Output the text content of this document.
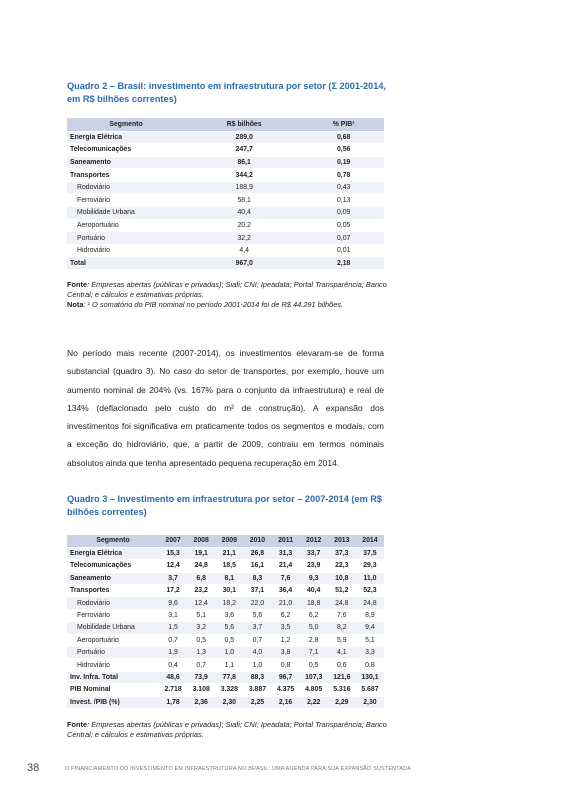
Quadro 2 – Brasil: investimento em infraestrutura por setor (Σ 2001-2014, em R$ bilhões correntes)
Segmento	R$ bilhões	% PIB¹
Energia Elétrica	289,0	0,68
Telecomunicações	247,7	0,56
Saneamento	86,1	0,19
Transportes	344,2	0,78
Rodoviário	188,9	0,43
Ferroviário	58,1	0,13
Mobilidade Urbana	40,4	0,09
Aeroportuário	20,2	0,05
Portuário	32,2	0,07
Hidroviário	4,4	0,01
Total	967,0	2,18
Fonte: Empresas abertas (públicas e privadas); Siafi; CNI; Ipeadata; Portal Transparência; Banco Central; e cálculos e estimativas próprias.
Nota: ¹ O somatório do PIB nominal no período 2001-2014 foi de R$ 44.291 bilhões.

No período mais recente (2007-2014), os investimentos elevaram-se de forma substancial (quadro 3). No caso do setor de transportes, por exemplo, houve um aumento nominal de 204% (vs. 167% para o conjunto da infraestrutura) e real de 134% (deflacionado pelo custo do m² de construção). A expansão dos investimentos foi significativa em praticamente todos os segmentos e modais, com a exceção do hidroviário, que, a partir de 2009, contraiu em termos nominais absolutos ainda que tenha apresentado pequena recuperação em 2014.

Quadro 3 – Investimento em infraestrutura por setor – 2007-2014 (em R$ bilhões correntes)
Segmento	2007	2008	2009	2010	2011	2012	2013	2014
Energia Elétrica	15,3	19,1	21,1	26,8	31,3	33,7	37,3	37,5
Telecomunicações	12,4	24,8	18,5	16,1	21,4	23,9	22,3	29,3
Saneamento	3,7	6,8	8,1	8,3	7,6	9,3	10,8	11,0
Transportes	17,2	23,2	30,1	37,1	36,4	40,4	51,2	52,3
Rodoviário	9,6	12,4	18,2	22,0	21,0	18,8	24,8	24,8
Ferroviário	3,1	5,1	3,6	5,6	6,2	6,2	7,6	8,9
Mobilidade Urbana	1,5	3,2	5,6	3,7	3,5	5,0	8,2	9,4
Aeroportuário	0,7	0,5	0,5	0,7	1,2	2,8	5,9	5,1
Portuário	1,9	1,3	1,0	4,0	3,8	7,1	4,1	3,3
Hidroviário	0,4	0,7	1,1	1,0	0,8	0,5	0,6	0,8
Inv. Infra. Total	48,6	73,9	77,8	88,3	96,7	107,3	121,6	130,1
PIB Nominal	2.718	3.108	3.328	3.887	4.375	4.805	5.316	5.687
Invest. /PIB (%)	1,78	2,36	2,30	2,25	2,16	2,22	2,29	2,30
Fonte: Empresas abertas (públicas e privadas); Siafi; CNI; Ipeadata; Portal Transparência; Banco Central; e cálculos e estimativas próprias.
38	O FINANCIAMENTO DO INVESTIMENTO EM INFRAESTRUTURA NO BRASIL: UMA AGENDA PARA SUA EXPANSÃO SUSTENTADA
